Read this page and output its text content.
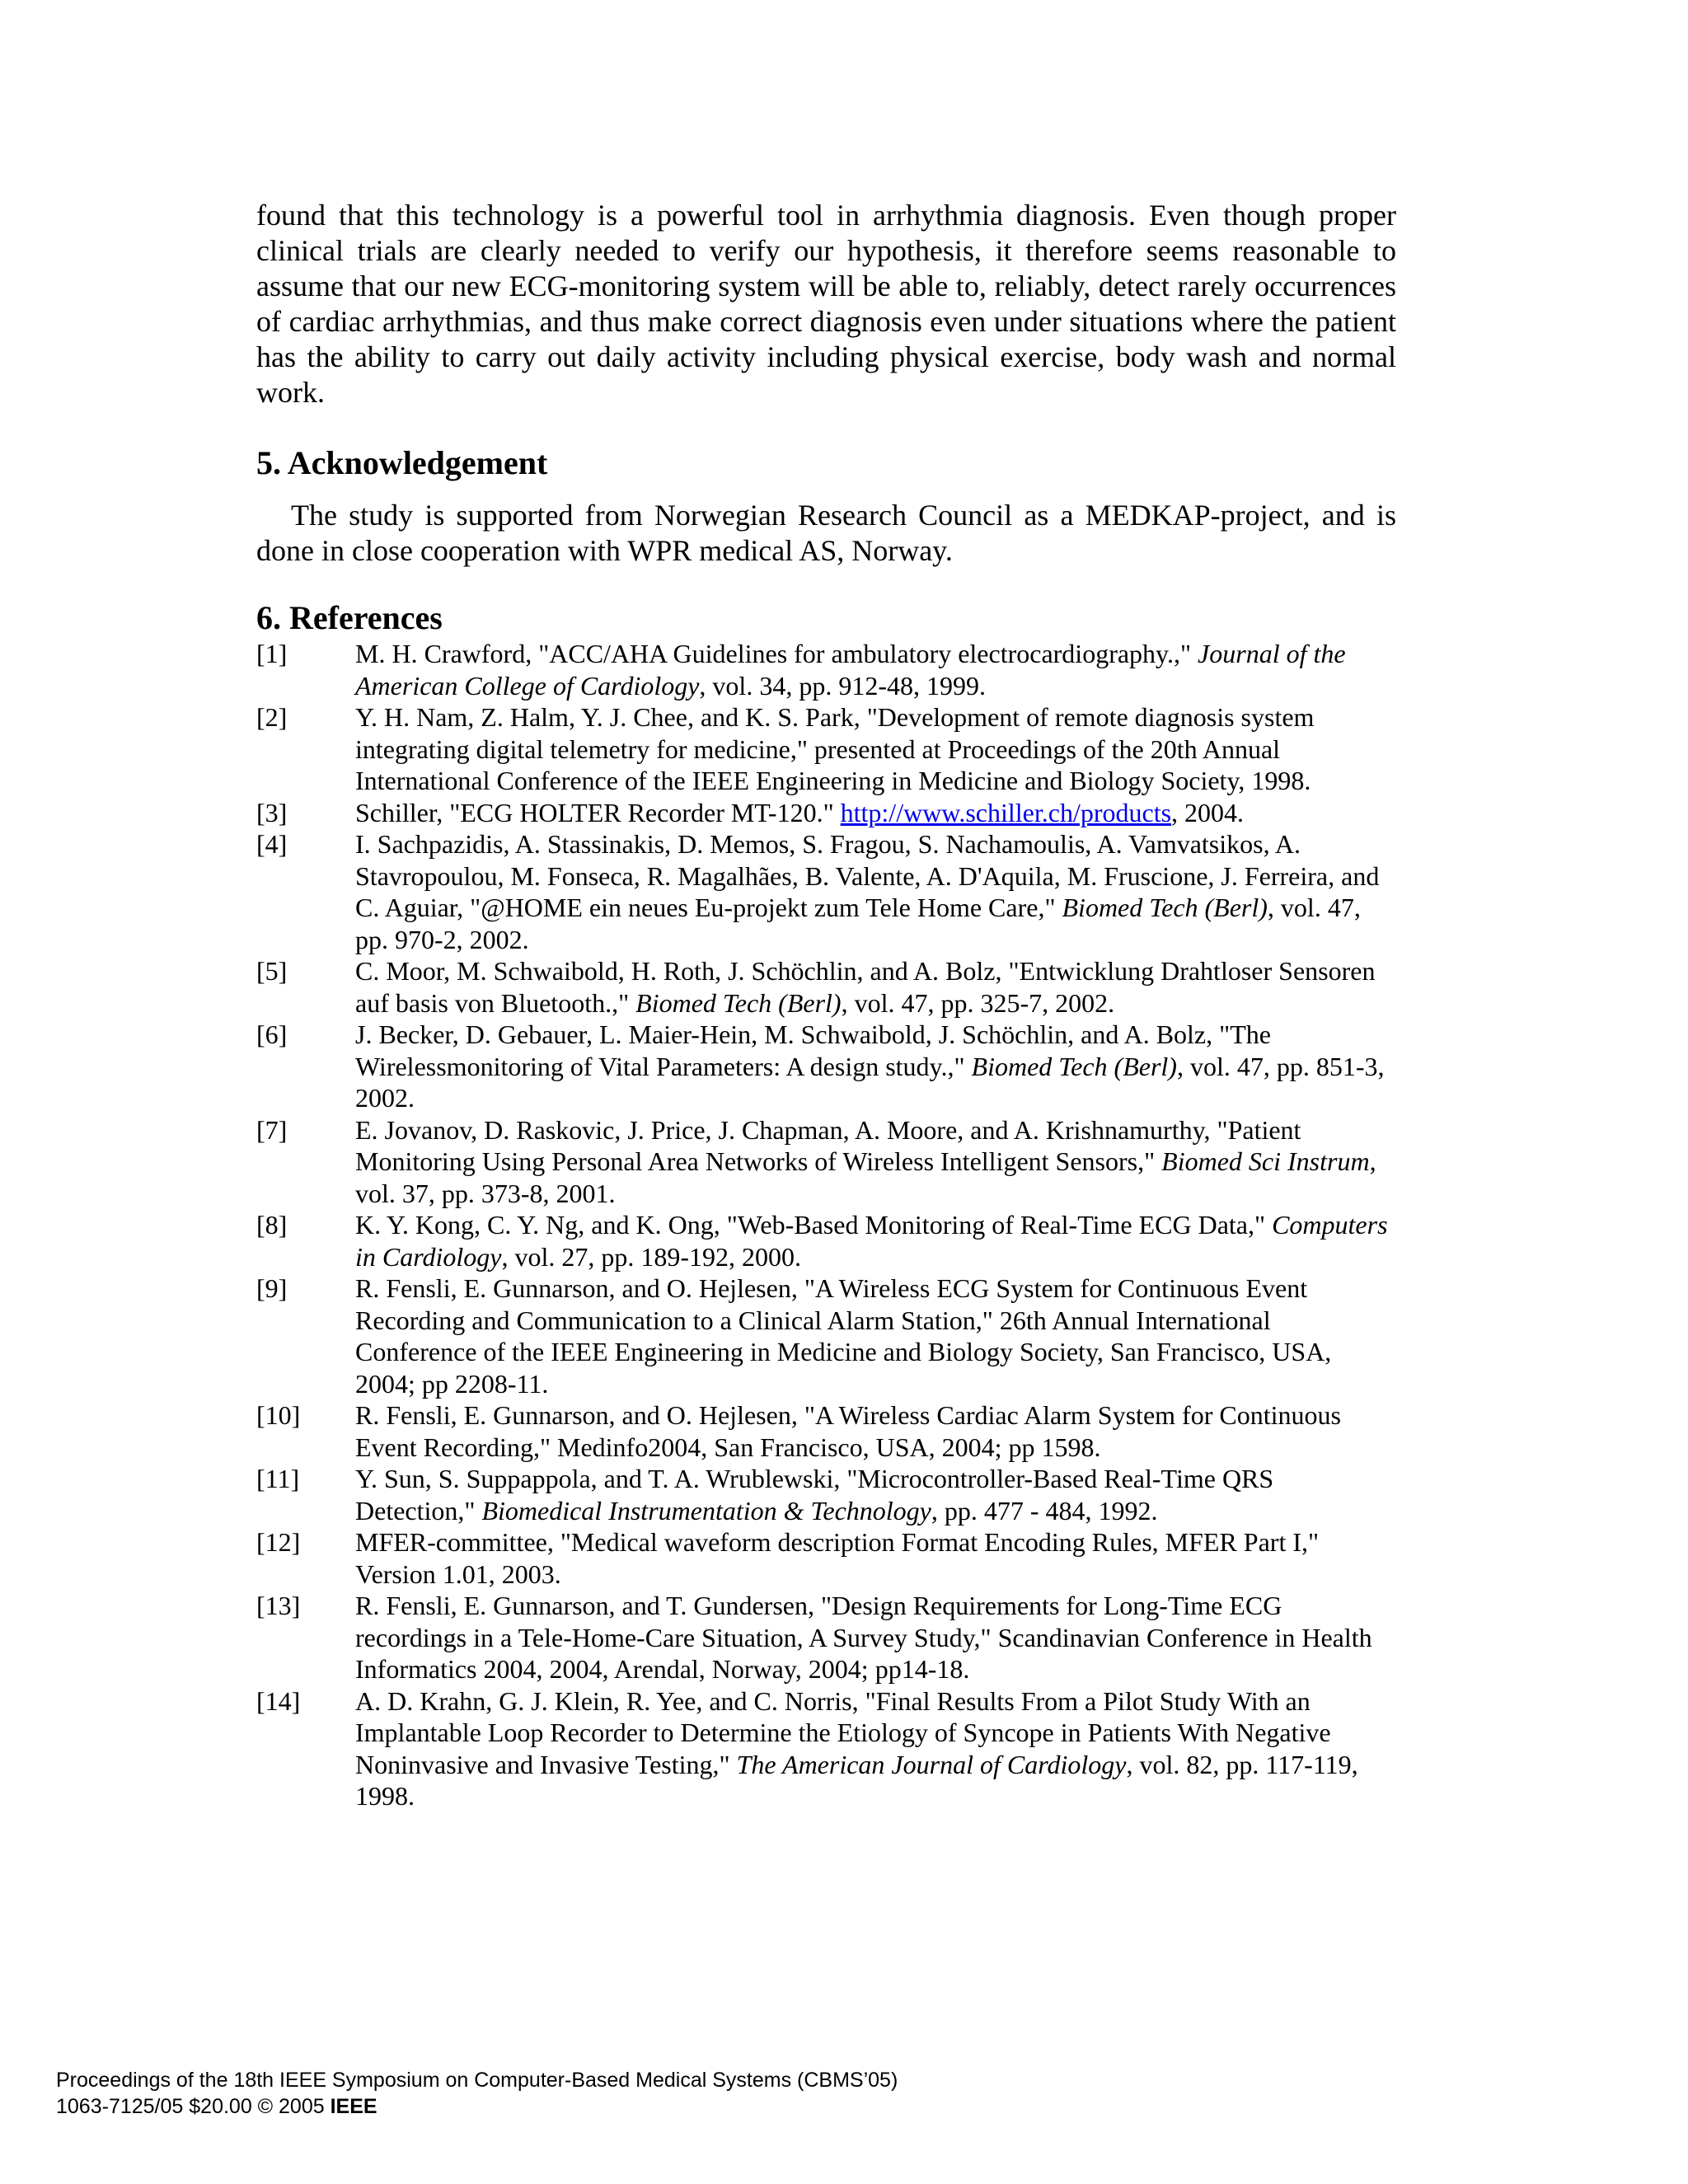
found that this technology is a powerful tool in arrhythmia diagnosis. Even though proper clinical trials are clearly needed to verify our hypothesis, it therefore seems reasonable to assume that our new ECG-monitoring system will be able to, reliably, detect rarely occurrences of cardiac arrhythmias, and thus make correct diagnosis even under situations where the patient has the ability to carry out daily activity including physical exercise, body wash and normal work.

5. Acknowledgement

The study is supported from Norwegian Research Council as a MEDKAP-project, and is done in close cooperation with WPR medical AS, Norway.

6. References
[1]	M. H. Crawford, "ACC/AHA Guidelines for ambulatory electrocardiography.," Journal of the American College of Cardiology, vol. 34, pp. 912-48, 1999.
[2]	Y. H. Nam, Z. Halm, Y. J. Chee, and K. S. Park, "Development of remote diagnosis system integrating digital telemetry for medicine," presented at Proceedings of the 20th Annual International Conference of the IEEE Engineering in Medicine and Biology Society, 1998.
[3]	Schiller, "ECG HOLTER Recorder MT-120." http://www.schiller.ch/products, 2004.
[4]	I. Sachpazidis, A. Stassinakis, D. Memos, S. Fragou, S. Nachamoulis, A. Vamvatsikos, A. Stavropoulou, M. Fonseca, R. Magalhães, B. Valente, A. D'Aquila, M. Fruscione, J. Ferreira, and C. Aguiar, "@HOME ein neues Eu-projekt zum Tele Home Care," Biomed Tech (Berl), vol. 47, pp. 970-2, 2002.
[5]	C. Moor, M. Schwaibold, H. Roth, J. Schöchlin, and A. Bolz, "Entwicklung Drahtloser Sensoren auf basis von Bluetooth.," Biomed Tech (Berl), vol. 47, pp. 325-7, 2002.
[6]	J. Becker, D. Gebauer, L. Maier-Hein, M. Schwaibold, J. Schöchlin, and A. Bolz, "The Wirelessmonitoring of Vital Parameters: A design study.," Biomed Tech (Berl), vol. 47, pp. 851-3, 2002.
[7]	E. Jovanov, D. Raskovic, J. Price, J. Chapman, A. Moore, and A. Krishnamurthy, "Patient Monitoring Using Personal Area Networks of Wireless Intelligent Sensors," Biomed Sci Instrum, vol. 37, pp. 373-8, 2001.
[8]	K. Y. Kong, C. Y. Ng, and K. Ong, "Web-Based Monitoring of Real-Time ECG Data," Computers in Cardiology, vol. 27, pp. 189-192, 2000.
[9]	R. Fensli, E. Gunnarson, and O. Hejlesen, "A Wireless ECG System for Continuous Event Recording and Communication to a Clinical Alarm Station," 26th Annual International Conference of the IEEE Engineering in Medicine and Biology Society, San Francisco, USA, 2004; pp 2208-11.
[10]	R. Fensli, E. Gunnarson, and O. Hejlesen, "A Wireless Cardiac Alarm System for Continuous Event Recording," Medinfo2004, San Francisco, USA, 2004; pp 1598.
[11]	Y. Sun, S. Suppappola, and T. A. Wrublewski, "Microcontroller-Based Real-Time QRS Detection," Biomedical Instrumentation & Technology, pp. 477 - 484, 1992.
[12]	MFER-committee, "Medical waveform description Format Encoding Rules, MFER Part I," Version 1.01, 2003.
[13]	R. Fensli, E. Gunnarson, and T. Gundersen, "Design Requirements for Long-Time ECG recordings in a Tele-Home-Care Situation, A Survey Study," Scandinavian Conference in Health Informatics 2004, 2004, Arendal, Norway, 2004; pp14-18.
[14]	A. D. Krahn, G. J. Klein, R. Yee, and C. Norris, "Final Results From a Pilot Study With an Implantable Loop Recorder to Determine the Etiology of Syncope in Patients With Negative Noninvasive and Invasive Testing," The American Journal of Cardiology, vol. 82, pp. 117-119, 1998.
Proceedings of the 18th IEEE Symposium on Computer-Based Medical Systems (CBMS’05)
1063-7125/05 $20.00 © 2005 IEEE
